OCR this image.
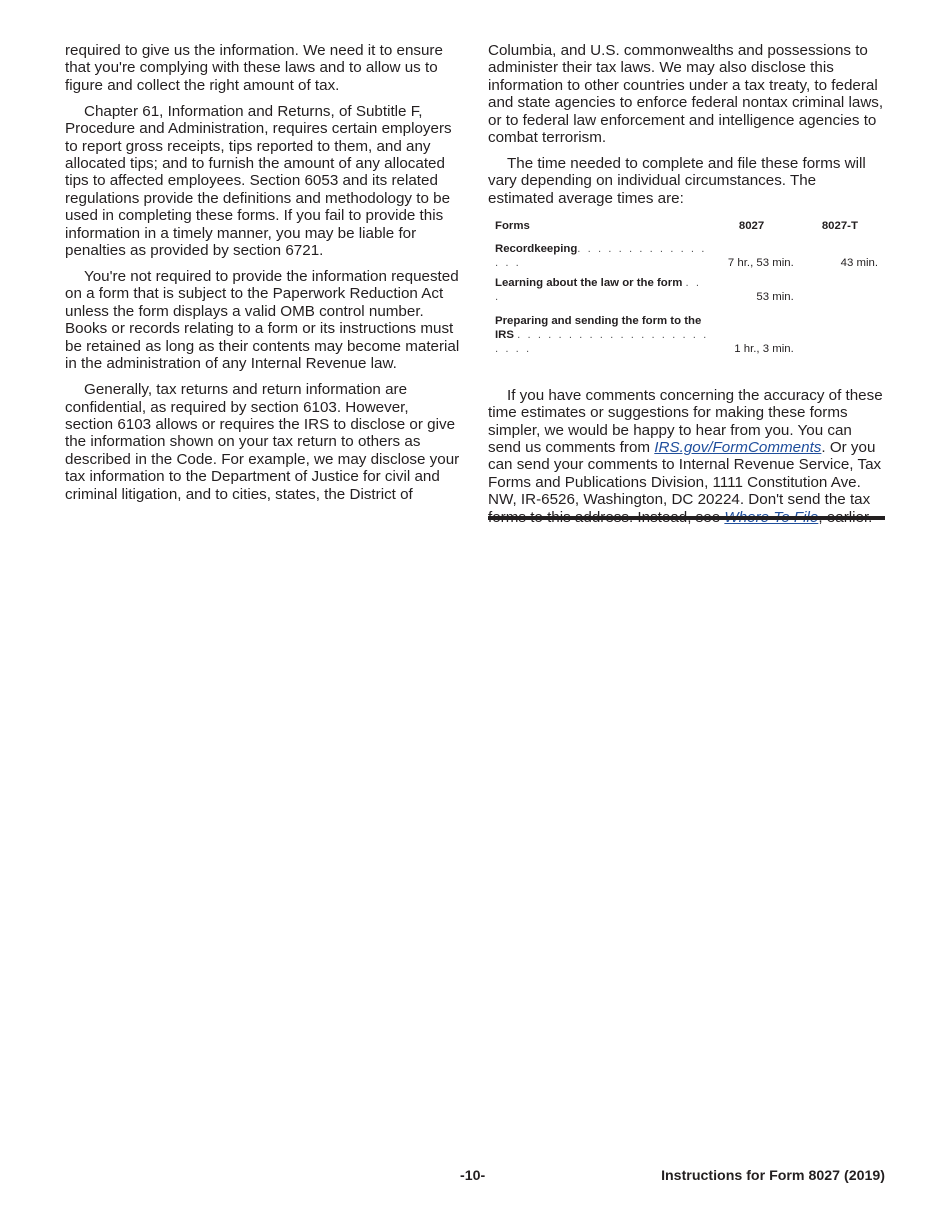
required to give us the information. We need it to ensure that you're complying with these laws and to allow us to figure and collect the right amount of tax.

Chapter 61, Information and Returns, of Subtitle F, Procedure and Administration, requires certain employers to report gross receipts, tips reported to them, and any allocated tips; and to furnish the amount of any allocated tips to affected employees. Section 6053 and its related regulations provide the definitions and methodology to be used in completing these forms. If you fail to provide this information in a timely manner, you may be liable for penalties as provided by section 6721.

You're not required to provide the information requested on a form that is subject to the Paperwork Reduction Act unless the form displays a valid OMB control number. Books or records relating to a form or its instructions must be retained as long as their contents may become material in the administration of any Internal Revenue law.

Generally, tax returns and return information are confidential, as required by section 6103. However, section 6103 allows or requires the IRS to disclose or give the information shown on your tax return to others as described in the Code. For example, we may disclose your tax information to the Department of Justice for civil and criminal litigation, and to cities, states, the District of

Columbia, and U.S. commonwealths and possessions to administer their tax laws. We may also disclose this information to other countries under a tax treaty, to federal and state agencies to enforce federal nontax criminal laws, or to federal law enforcement and intelligence agencies to combat terrorism.

The time needed to complete and file these forms will vary depending on individual circumstances. The estimated average times are:

Forms	8027	8027-T
Recordkeeping. . . . . . . . . . . . . . . .	7 hr., 53 min.	43 min.
Learning about the law or the form . . .	53 min.	
Preparing and sending the form to the
IRS . . . . . . . . . . . . . . . . . . . . . . .	1 hr., 3 min.	

If you have comments concerning the accuracy of these time estimates or suggestions for making these forms simpler, we would be happy to hear from you. You can send us comments from IRS.gov/FormComments. Or you can send your comments to Internal Revenue Service, Tax Forms and Publications Division, 1111 Constitution Ave. NW, IR-6526, Washington, DC 20224. Don't send the tax

-10-	Instructions for Form 8027 (2019)
